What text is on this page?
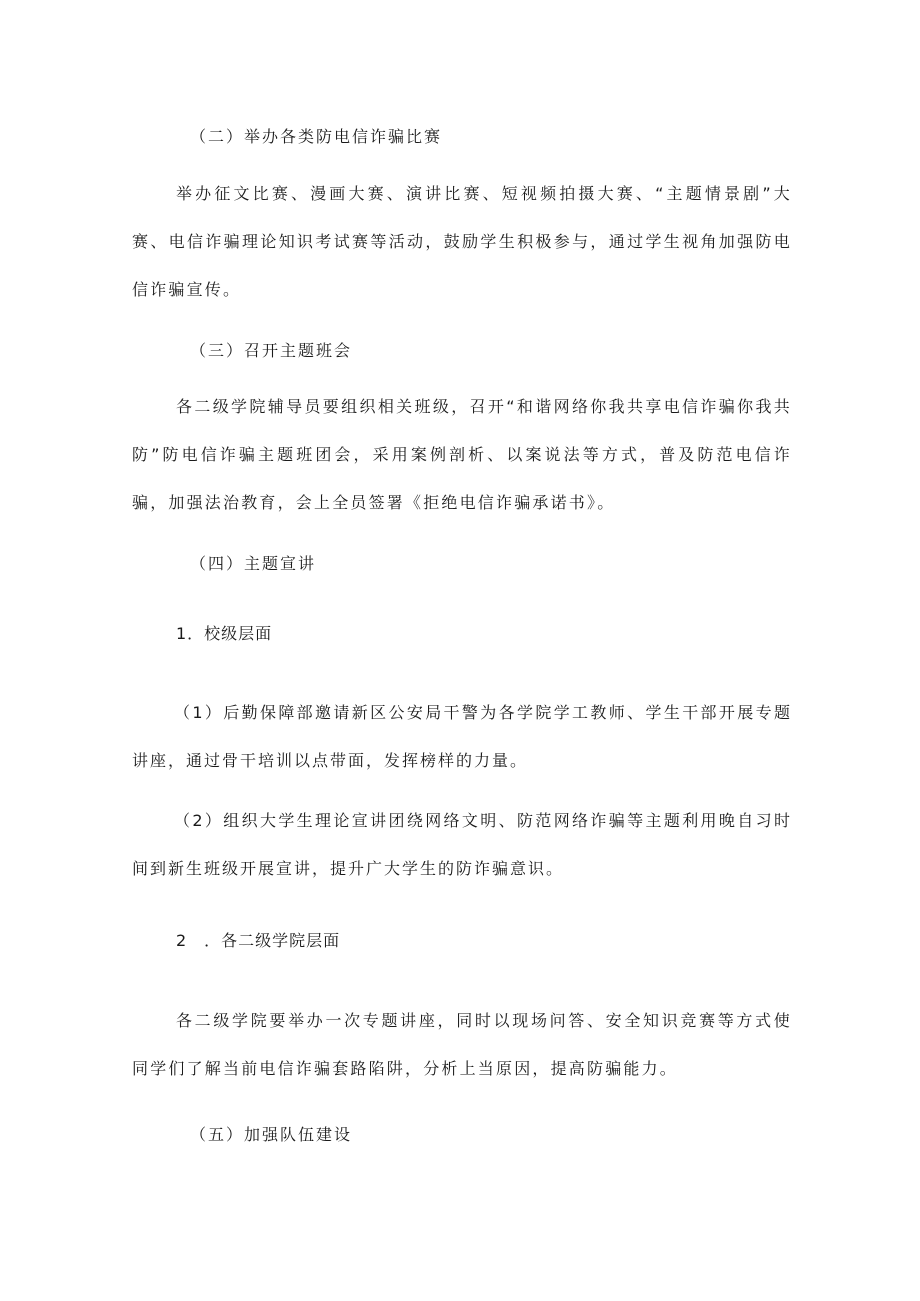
（二）举办各类防电信诈骗比赛

举办征文比赛、漫画大赛、演讲比赛、短视频拍摄大赛、“主题情景剧”大赛、电信诈骗理论知识考试赛等活动，鼓励学生积极参与，通过学生视角加强防电信诈骗宣传。

（三）召开主题班会

各二级学院辅导员要组织相关班级，召开“和谐网络你我共享电信诈骗你我共防”防电信诈骗主题班团会，采用案例剖析、以案说法等方式，普及防范电信诈骗，加强法治教育，会上全员签署《拒绝电信诈骗承诺书》。

（四）主题宣讲
1．校级层面

（1）后勤保障部邀请新区公安局干警为各学院学工教师、学生干部开展专题讲座，通过骨干培训以点带面，发挥榜样的力量。

（2）组织大学生理论宣讲团绕网络文明、防范网络诈骗等主题利用晚自习时间到新生班级开展宣讲，提升广大学生的防诈骗意识。

2　．各二级学院层面

各二级学院要举办一次专题讲座，同时以现场问答、安全知识竞赛等方式使同学们了解当前电信诈骗套路陷阱，分析上当原因，提高防骗能力。

（五）加强队伍建设
